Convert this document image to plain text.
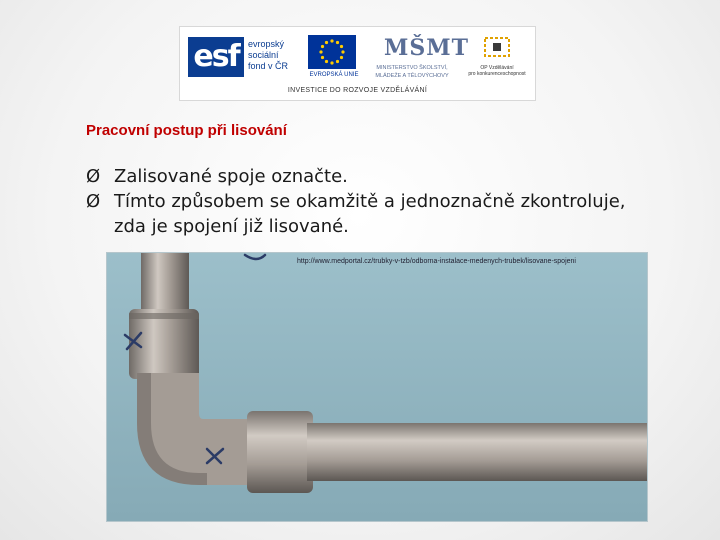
esf	evropský
sociální
fond v ČR
EVROPSKÁ UNIE
MŠMT
MINISTERSTVO ŠKOLSTVÍ,
MLÁDEŽE A TĚLOVÝCHOVY
OP Vzdělávání
pro konkurenceschopnost
INVESTICE DO ROZVOJE VZDĚLÁVÁNÍ
Pracovní postup při lisování
Ø Zalisované spoje označte.
Ø Tímto způsobem se okamžitě a jednoznačně zkontroluje, zda je spojení již lisované.
http://www.medportal.cz/trubky-v-tzb/odborna-instalace-medenych-trubek/lisovane-spojeni
